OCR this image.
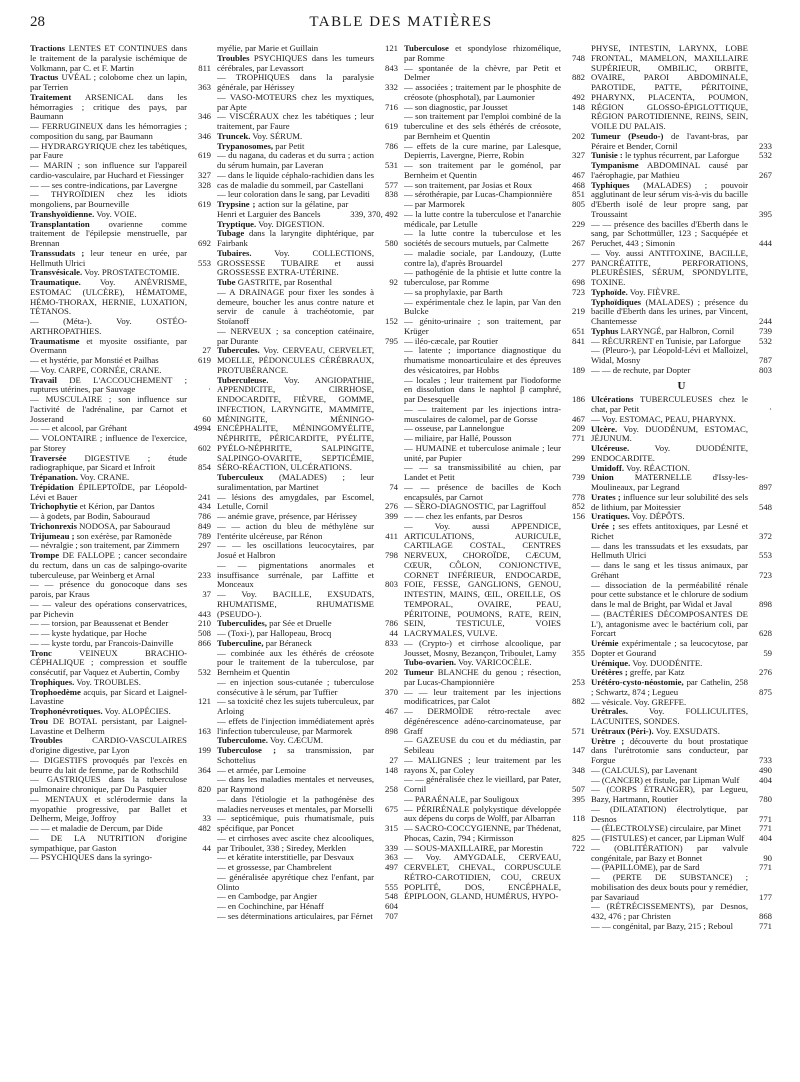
28	TABLE DES MATIÈRES
Tractions LENTES ET CONTINUES dans le traitement de la paralysie ischémique de Volkmann, par C. et F. Martin	811
Tractus UVÉAL ; colobome chez un lapin, par Terrien	363
Traitement ARSENICAL dans les hémorragies ; critique des pays, par Baumann	346
— FERRUGINEUX dans les hémorragies ; composition du sang, par Baumann	346
— HYDRARGYRIQUE chez les tabétiques, par Faure	619
— MARIN ; son influence sur l'appareil cardio-vasculaire, par Huchard et Fiessinger	327
— — ses contre-indications, par Lavergne	328
— THYROÏDIEN chez les idiots mongoliens, par Bourneville	619
Transhyoïdienne. Voy. VOIE.
Transplantation ovarienne comme traitement de l'épilepsie menstruelle, par Brennan	692
Transsudats ; leur teneur en urée, par Hellmuth Ulrici	553
Transvésicale. Voy. PROSTATECTOMIE.
Traumatique. Voy. ANÉVRISME, ESTOMAC (ULCÈRE), HÉMATOME, HÉMO-THORAX, HERNIE, LUXATION, TÉTANOS.
— (Méta-). Voy. OSTÉO-ARTHROPATHIES.
Traumatisme et myosite ossifiante, par Overmann	27
— et hystérie, par Monstié et Pailhas	619
— Voy. CARPE, CORNÉE, CRANE.
Travail DE L'ACCOUCHEMENT ; ruptures utérines, par Sauvage	·
— MUSCULAIRE ; son influence sur l'activité de l'adrénaline, par Carnot et Josserand	60
— — et alcool, par Gréhant	4994
— VOLONTAIRE ; influence de l'exercice, par Storey	602
Traversée DIGESTIVE ; étude radiographique, par Sicard et Infroit	854
Trépanation. Voy. CRANE.
Trépidation ÉPILEPTOÏDE, par Léopold-Lévi et Bauer	241
Trichophytie et Kérion, par Dantos	434
— à godets, par Bodin, Sabouraud	786
Trichonrexis NODOSA, par Sabouraud	849
Trijumeau ; son exérèse, par Ramonède	789
— névralgie ; son traitement, par Zimmern	297
Trompe DE FALLOPE ; cancer secondaire du rectum, dans un cas de salpingo-ovarite tuberculeuse, par Weinberg et Arnal	233
— — présence du gonocoque dans ses parois, par Kraus	37
— — valeur des opérations conservatrices, par Pichevin	443
— — torsion, par Beaussenat et Bender	210
— — kyste hydatique, par Hoche	508
— — kyste tordu, par Francois-Dainville	866
Tronc	VEINEUX BRACHIO-CÉPHALIQUE ; compression et souffle consécutif, par Vaquez et Aubertin, Comby	532
Trophiques. Voy. TROUBLES.
Trophoedème acquis, par Sicard et Laignel-Lavastine	121
Trophonévrotiques. Voy. ALOPÉCIES.
Trou DE BOTAL persistant, par Laignel-Lavastine et Delherm	163
Troubles	CARDIO-VASCULAIRES d'origine digestive, par Lyon	199
— DIGESTIFS provoqués par l'excès en beurre du lait de femme, par de Rothschild	364
— GASTRIQUES dans la tuberculose pulmonaire chronique, par Du Pasquier	820
— MENTAUX et sclérodermie dans la myopathie progressive, par Ballet et Delherm, Meige, Joffroy	33
— — et maladie de Dercum, par Dide	482
— DE LA NUTRITION d'origine sympathique, par Gaston	44
— PSYCHIQUES dans la syringo-
myélie, par Marie et Guillain	121
Troubles PSYCHIQUES dans les tumeurs cérébrales, par Levassort	843
— TROPHIQUES dans la paralysie générale, par Hérissey	332
— VASO-MOTEURS chez les myxtiques, par Apte	716
— VISCÉRAUX chez les tabétiques ; leur traitement, par Faure	619
Truncek. Voy. SÉRUM.
Trypanosomes, par Petit	786
— du nagana, du caderas et du surra ; action du sérum humain, par Laveran	531
— dans le liquide céphalo-rachidien dans les cas de maladie du sommeil, par Castellani	577
— leur coloration dans le sang, par Levaditi	838
Trypsine ; action sur la gélatine, par Henri et Larguier des Bancels	339, 370, 492
Tryptique. Voy. DIGESTION.
Tubage dans la laryngite diphtérique, par Fairbank	580
Tubaires.	Voy. COLLECTIONS, GROSSESSE TUBAIRE et aussi GROSSESSE EXTRA-UTÉRINE.
Tube GASTRITE, par Rosenthal	92
— A DRAINAGE pour fixer les sondes à demeure, boucher les anus contre nature et servir de canule à trachéotomie, par Stoïanoff	152
— NERVEUX ; sa conception catéinaire, par Durante	795
Tubercules. Voy. CERVEAU, CERVELET, MOELLE, PÉDONCULES CÉRÉBRAUX, PROTUBÉRANCE.
Tuberculeuse. Voy. ANGIOPATHIE, APPENDICITE, CIRRHOSE, ENDOCARDITE, FIÈVRE, GOMME, INFECTION, LARYNGITE, MAMMITE, MÉNINGITE, MÉNINGO-ENCÉPHALITE, MÉNINGOMYÉLITE, NÉPHRITE, PÉRICARDITE, PYÉLITE, PYÉLO-NÉPHRITE, SALPINGITE, SALPINGO-OVARITE, SEPTICÉMIE, SÉRO-RÉACTION, ULCÉRATIONS.
Tuberculeux (MALADES) ; leur suralimentation, par Martinet	74
— lésions des amygdales, par Escomel, Letulle, Cornil	276
— anémie grave, présence, par Hérissey	399
— — action du bleu de méthylène sur l'entérite ulcéreuse, par Rénon	411
— — les oscillations leucocytaires, par Josué et Halbron	798
— — pigmentations anormales et insuffisance surrénale, par Laffitte et Monceaux	803
— Voy. BACILLE, EXSUDATS, RHUMATISME, RHUMATISME (PSEUDO-).
Tuberculides, par Sée et Druelle	786
— (Toxi-), par Hallopeau, Brocq	44
Tuberculine, par Béraneck	833
— combinée aux les éthérés de créosote pour le traitement de la tuberculose, par Bernheim et Quentin	202
— en injection sous-cutanée ; tuberculose consécutive à le sérum, par Tuffier	370
— sa toxicité chez les sujets tuberculeux, par Arloing	467
— effets de l'injection immédiatement après l'infection tuberculeuse, par Marmorek	898
Tuberculome. Voy. CÆCUM.
Tuberculose ; sa transmission, par Schottelius	27
— et armée, par Lemoine	148
— dans les maladies mentales et nerveuses, par Raymond	258
— dans l'étiologie et la pathogénèse des maladies nerveuses et mentales, par Morselli	675
— septicémique, puis rhumatismale, puis spécifique, par Poncet	315
— et cirrhoses avec ascite chez alcooliques, par Triboulet, 338 ; Siredey, Merklen	339
— et kératite interstitielle, par Desvaux	363
— et grossesse, par Chambrelent	497
— généralisée apyrétique chez l'enfant, par Olinto	555
— en Cambodge, par Angier	548
— en Cochinchine, par Hénaff	604
— ses déterminations articulaires, par Férnet	707
Tuberculose et spondylose rhizomélique, par Romme	748
— spontanée de la chèvre, par Petit et Delmer	882
— associées ; traitement par le phosphite de créosote (phosphotal), par Laumonier	492
— son diagnostic, par Jousset	148
— son traitement par l'emploi combiné de la tuberculine et des sels éthérés de créosote, par Bernheim et Quentin	202
— effets de la cure marine, par Lalesque, Depierris, Lavergne, Pierre, Robin	327
— son traitement par le goménol, par Bernheim et Quentin	467
— son traitement, par Josias et Roux	468
— sérothérapie, par Lucas-Championnière	851
— par Marmorek	805
— la lutte contre la tuberculose et l'anarchie médicale, par Letulle	229
— la lutte contre la tuberculose et les sociétés de secours mutuels, par Calmette	267
— maladie sociale, par Landouzy, (Lutte contre la), d'après Brouardel	277
— pathogénie de la phtisie et lutte contre la tuberculose, par Romme	698
— sa prophylaxie, par Barth	723
— expérimentale chez le lapin, par Van den Bulcke	219
— génito-urinaire ; son traitement, par Krüger	651
— iléo-cæcale, par Routier	841
— latente ; importance diagnostique du rhumatisme monoarticulaire et des épreuves des vésicatoires, par Hobbs	189
— locales ; leur traitement par l'iodoforme en dissolution dans le naphtol β camphré, par Desesquelle	186
— — traitement par les injections intra-musculaires de calomel, par de Gorsse	467
— osseuse, par Lannelongue	209
— miliaire, par Hallé, Pousson	771
— HUMAINE et tuberculose animale ; leur unité, par Pupier	299
— — sa transmissibilité au chien, par Landet et Petit	739
— — présence de bacilles de Koch encapsulés, par Carnot	778
— SÉRO-DIAGNOSTIC, par Lagriffoul	852
— — chez les enfants, par Desros	156
— Voy. aussi APPENDICE, ARTICULATIONS, AURICULE, CARTILAGE COSTAL, CENTRES NERVEUX, CHOROÏDE, CÆCUM, CŒUR, CÔLON, CONJONCTIVE, CORNET INFÉRIEUR, ENDOCARDE, FOIE, FESSE, GANGLIONS, GENOU, INTESTIN, MAINS, ŒIL, OREILLE, OS TEMPORAL, OVAIRE, PEAU, PÉRITOINE, POUMONS, RATE, REIN, SEIN, TESTICULE, VOIES LACRYMALES, VULVE.
— (Crypto-) et cirrhose alcoolique, par Jousset, Mosny, Bezançon, Triboulet, Lamy	355
Tubo-ovarien. Voy. VARICOCÈLE.
Tumeur BLANCHE du genou ; résection, par Lucas-Championnière	253
— — leur traitement par les injections modificatrices, par Calot	882
— DERMOÏDE rétro-rectale avec dégénérescence adéno-carcinomateuse, par Graff	571
— GAZEUSE du cou et du médiastin, par Sebileau	147
— MALIGNES ; leur traitement par les rayons X, par Coley	348
— — généralisée chez le vieillard, par Pater, Cornil	507
— PARAÉNALE, par Souligoux	395
— PÉRIRÉNALE polykystique développée aux dépens du corps de Wolff, par Albarran	118
— SACRO-COCCYGIENNE, par Thédenat, Phocas, Cazin, 794 ; Kirmisson	825
— SOUS-MAXILLAIRE, par Morestin	722
— Voy. AMYGDALE, CERVEAU, CERVELET, CHEVAL, CORPUSCULE RÉTRO-CAROTIDIEN, COU, CREUX POPLITÉ, DOS, ENCÉPHALE, ÉPIPLOON, GLAND, HUMÉRUS, HYPO-
PHYSE, INTESTIN, LARYNX, LOBE FRONTAL, MAMELON, MAXILLAIRE SUPÉRIEUR, OMBILIC, ORBITE, OVAIRE, PAROI ABDOMINALE, PAROTIDE, PATTE, PÉRITOINE, PHARYNX, PLACENTA, POUMON, RÉGION GLOSSO-ÉPIGLOTTIQUE, RÉGION PAROTIDIENNE, REINS, SEIN, VOILE DU PALAIS.
Tumeur (Pseudo-) de l'avant-bras, par Péraire et Bender, Cornil	233
Tunisie : le typhus récurrent, par Laforgue	532
Tympanisme ABDOMINAL causé par l'aérophagie, par Mathieu	267
Typhiques (MALADES) ; pouvoir agglutinant de leur sérum vis-à-vis du bacille d'Eberth isolé de leur propre sang, par Troussaint	395
— — présence des bacilles d'Eberth dans le sang, par Schottmüller, 123 ; Sacquépée et Peruchet, 443 ; Simonin	444
— Voy. aussi ANTITOXINE, BACILLE, PANCRÉATITE, PERFORATIONS, PLEURÉSIES, SÉRUM, SPONDYLITE, TOXINE.
Typhoïde. Voy. FIÈVRE.
Typhoïdiques (MALADES) ; présence du bacille d'Eberth dans les urines, par Vincent, Chantemesse	244
Typhus LARYNGÉ, par Halbron, Cornil	739
— RÉCURRENT en Tunisie, par Laforgue	532
— (Pleuro-), par Léopold-Lévi et Malloizel, Widal, Mosny	787
— — de rechute, par Dopter	803
U
Ulcérations TUBERCULEUSES chez le chat, par Petit	·
— Voy. ESTOMAC, PEAU, PHARYNX.
Ulcère. Voy. DUODÉNUM, ESTOMAC, JÉJUNUM.
Ulcéreuse.	Voy. DUODÉNITE, ENDOCARDITE.
Umidoff. Voy. RÉACTION.
Union MATERNELLE d'Issy-les-Moulineaux, par Legrand	897
Urates ; influence sur leur solubilité des sels de lithium, par Moitessier	548
Uratiques. Voy. DÉPÔTS.
Urée ; ses effets antitoxiques, par Lesné et Richet	372
— dans les transsudats et les exsudats, par Hellmuth Ulrici	553
— dans le sang et les tissus animaux, par Gréhant	723
— dissociation de la perméabilité rénale pour cette substance et le chlorure de sodium dans le mal de Bright, par Widal et Javal	898
— (BACTÉRIES DÉCOMPOSANTES DE L'), antagonisme avec le bactérium coli, par Forcart	628
Urémie expérimentale ; sa leucocytose, par Dopter et Gourand	59
Urémique. Voy. DUODÉNITE.
Urétères ; greffe, par Katz	276
Urétéro-cysto-néostomie, par Cathelin, 258 ; Schwartz, 874 ; Legueu	875
— vésicale. Voy. GREFFE.
Urétrales. Voy. FOLLICULITES, LACUNITES, SONDES.
Urétraux (Péri-). Voy. EXSUDATS.
Urètre ; découverte du bout prostatique dans l'urétrotomie sans conducteur, par Forgue	733
— (CALCULS), par Lavenant	490
— (CANCER) et fistule, par Lipman Wulf	404
— (CORPS ÉTRANGER), par Legueu, Bazy, Hartmann, Routier	780
— (DILATATION) électrolytique, par Desnos	771
— (ÉLECTROLYSE) circulaire, par Minet	771
— (FISTULES) et cancer, par Lipman Wulf	404
— (OBLITÉRATION) par valvule congénitale, par Bazy et Bonnet	90
— (PAPILLOME), par de Sard	771
— (PERTE DE SUBSTANCE) ; mobilisation des deux bouts pour y remédier, par Savariaud	177
— (RÉTRÉCISSEMENTS), par Desnos, 432, 476 ; par Christen	868
— — congénital, par Bazy, 215 ; Reboul	771
